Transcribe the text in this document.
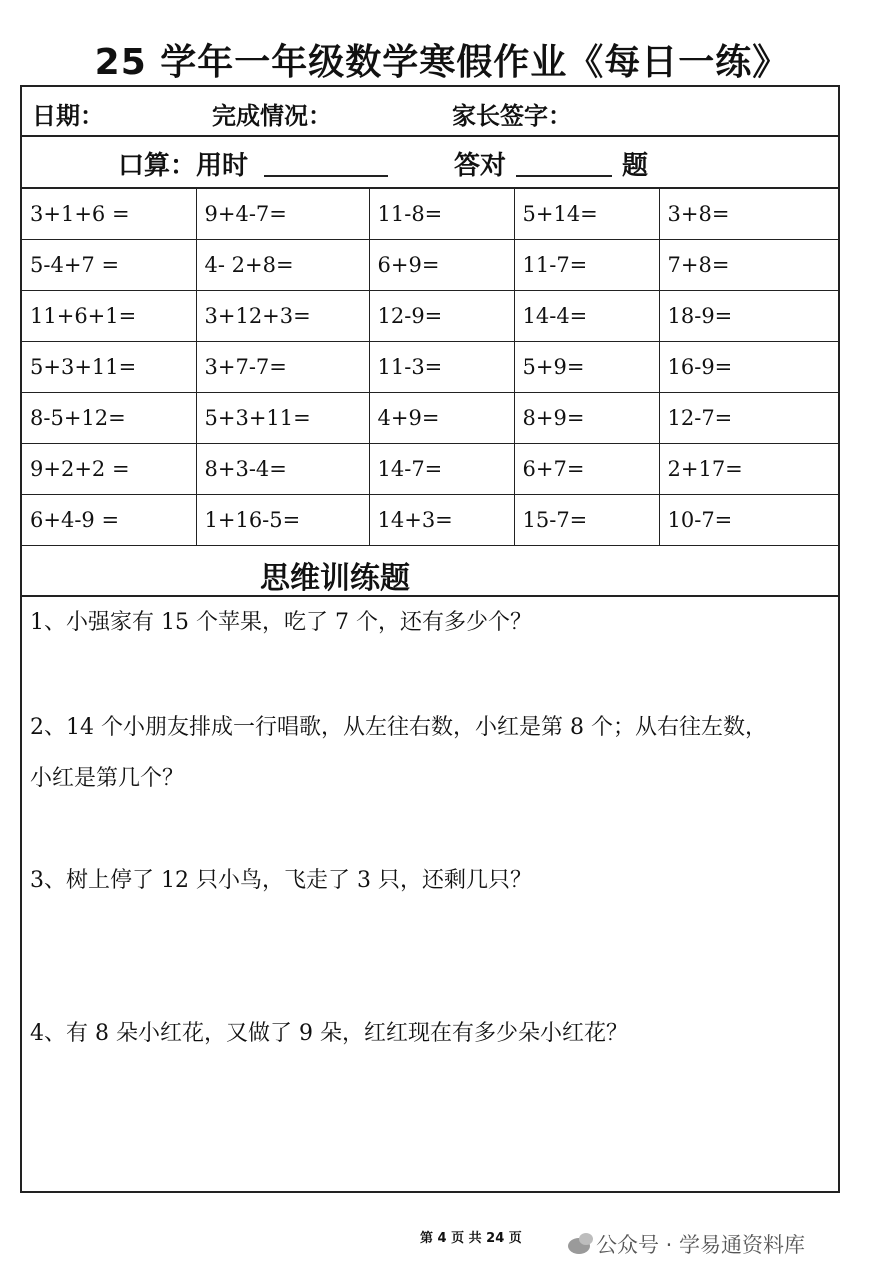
25 学年一年级数学寒假作业《每日一练》
日期：	完成情况：	家长签字：
口算：用时	答对	题
3+1+6 =	9+4-7=	11-8=	5+14=	3+8=
5-4+7 =	4- 2+8=	6+9=	11-7=	7+8=
11+6+1=	3+12+3=	12-9=	14-4=	18-9=
5+3+11=	3+7-7=	11-3=	5+9=	16-9=
8-5+12=	5+3+11=	4+9=	8+9=	12-7=
9+2+2 =	8+3-4=	14-7=	6+7=	2+17=
6+4-9 =	1+16-5=	14+3=	15-7=	10-7=
思维训练题
1、小强家有 15 个苹果，吃了 7 个，还有多少个？
2、14 个小朋友排成一行唱歌，从左往右数，小红是第 8 个；从右往左数，
小红是第几个？
3、树上停了 12 只小鸟，飞走了 3 只，还剩几只？
4、有 8 朵小红花，又做了 9 朵，红红现在有多少朵小红花？
第 4 页 共 24 页	公众号 · 学易通资料库
